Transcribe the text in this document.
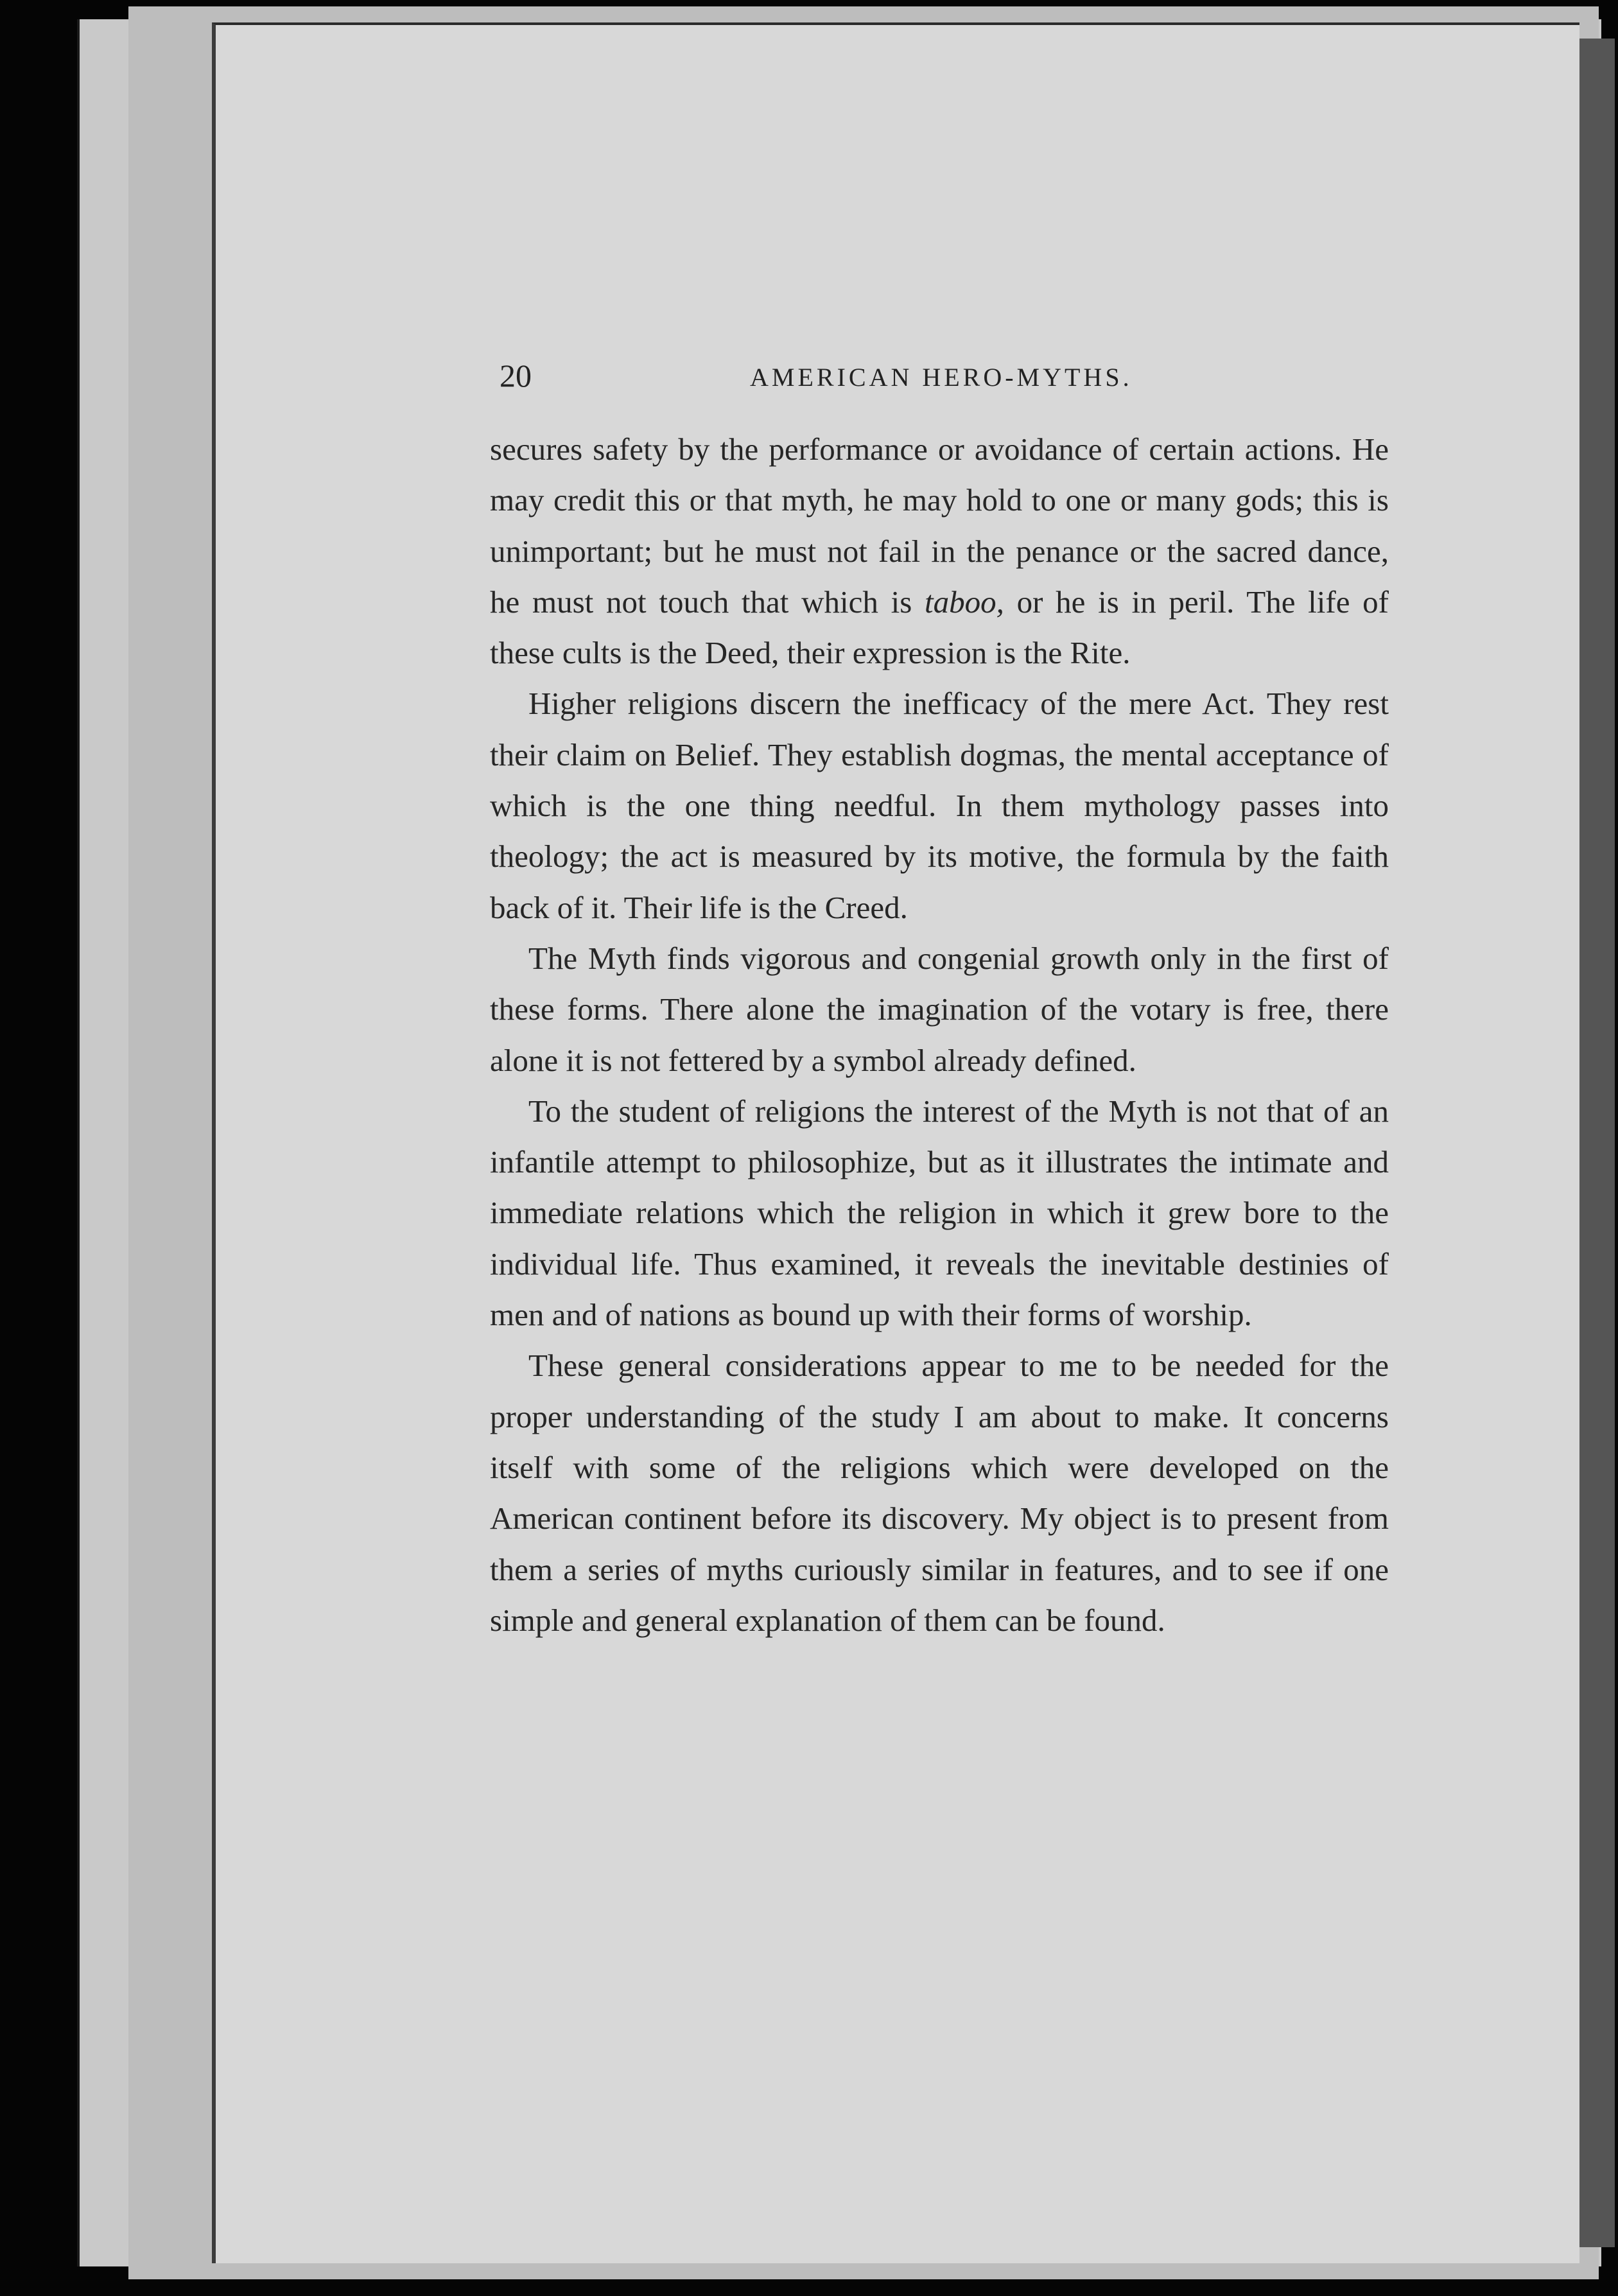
20	AMERICAN HERO-MYTHS.

secures safety by the performance or avoidance of certain actions. He may credit this or that myth, he may hold to one or many gods; this is unimportant; but he must not fail in the penance or the sacred dance, he must not touch that which is taboo, or he is in peril. The life of these cults is the Deed, their expression is the Rite.

Higher religions discern the inefficacy of the mere Act. They rest their claim on Belief. They establish dogmas, the mental acceptance of which is the one thing needful. In them mythology passes into theology; the act is measured by its motive, the formula by the faith back of it. Their life is the Creed.

The Myth finds vigorous and congenial growth only in the first of these forms. There alone the imagination of the votary is free, there alone it is not fettered by a symbol already defined.

To the student of religions the interest of the Myth is not that of an infantile attempt to philosophize, but as it illustrates the intimate and immediate relations which the religion in which it grew bore to the individual life. Thus examined, it reveals the inevitable destinies of men and of nations as bound up with their forms of worship.

These general considerations appear to me to be needed for the proper understanding of the study I am about to make. It concerns itself with some of the religions which were developed on the American continent before its discovery. My object is to present from them a series of myths curiously similar in features, and to see if one simple and general explanation of them can be found.
